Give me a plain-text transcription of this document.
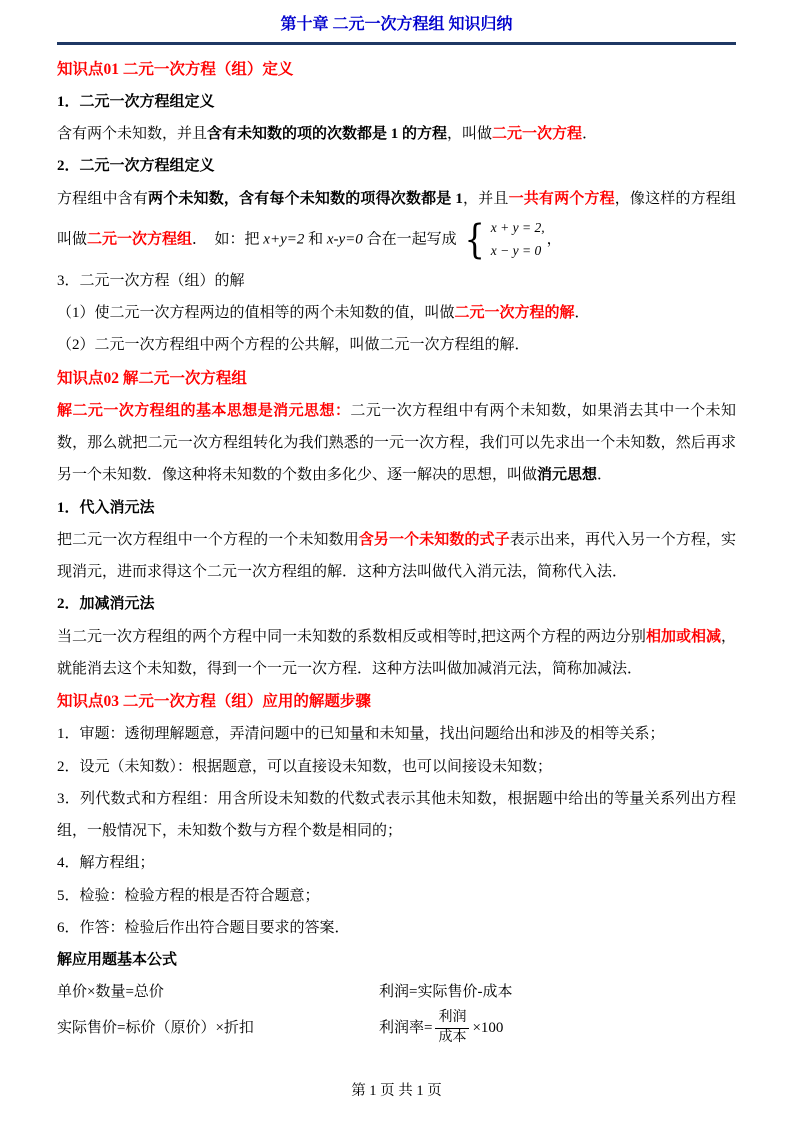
第十章 二元一次方程组 知识归纳
知识点01 二元一次方程（组）定义
1．二元一次方程组定义
含有两个未知数，并且含有未知数的项的次数都是 1 的方程，叫做二元一次方程．
2．二元一次方程组定义
方程组中含有两个未知数，含有每个未知数的项得次数都是 1，并且一共有两个方程，像这样的方程组叫做二元一次方程组．　如：把 x+y=2 和 x-y=0 合在一起写成 { x + y = 2,
x − y = 0
，
3．二元一次方程（组）的解
（1）使二元一次方程两边的值相等的两个未知数的值，叫做二元一次方程的解．
（2）二元一次方程组中两个方程的公共解，叫做二元一次方程组的解．
知识点02 解二元一次方程组
解二元一次方程组的基本思想是消元思想：二元一次方程组中有两个未知数，如果消去其中一个未知数，那么就把二元一次方程组转化为我们熟悉的一元一次方程，我们可以先求出一个未知数，然后再求另一个未知数．像这种将未知数的个数由多化少、逐一解决的思想，叫做消元思想．
1．代入消元法
把二元一次方程组中一个方程的一个未知数用含另一个未知数的式子表示出来，再代入另一个方程，实现消元，进而求得这个二元一次方程组的解．这种方法叫做代入消元法，简称代入法．
2．加减消元法
当二元一次方程组的两个方程中同一未知数的系数相反或相等时,把这两个方程的两边分别相加或相减，就能消去这个未知数，得到一个一元一次方程．这种方法叫做加减消元法，简称加减法．
知识点03 二元一次方程（组）应用的解题步骤
1．审题：透彻理解题意，弄清问题中的已知量和未知量，找出问题给出和涉及的相等关系；
2．设元（未知数）：根据题意，可以直接设未知数，也可以间接设未知数；
3．列代数式和方程组：用含所设未知数的代数式表示其他未知数，根据题中给出的等量关系列出方程组，一般情况下，未知数个数与方程个数是相同的；
4．解方程组；
5．检验：检验方程的根是否符合题意；
6．作答：检验后作出符合题目要求的答案．
解应用题基本公式
单价×数量=总价	利润=实际售价-成本
实际售价=标价（原价）×折扣	利润率= $\frac{\text{利润}}{\text{成本}} \times 100$
第 1 页 共 1 页
